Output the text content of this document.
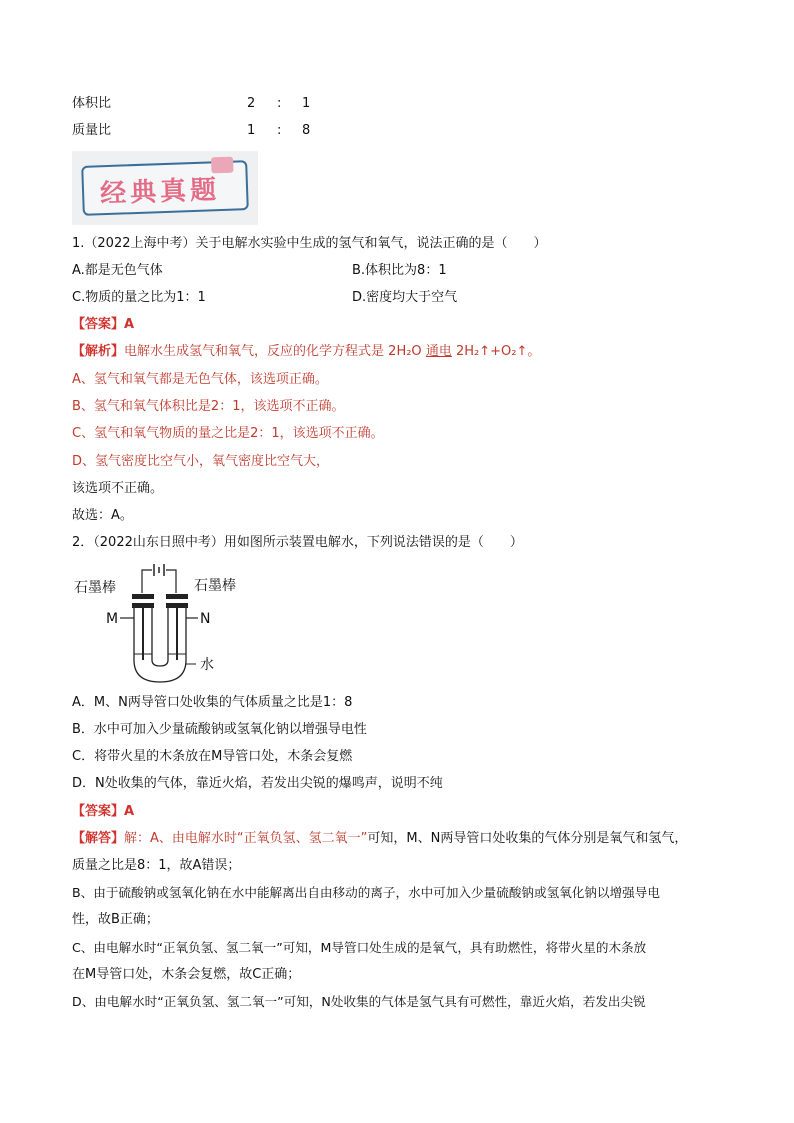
体积比	2 : 1
质量比	1 : 8
经典真题
1.（2022上海中考）关于电解水实验中生成的氢气和氧气，说法正确的是（　　）
A.都是无色气体	B.体积比为8：1
C.物质的量之比为1：1	D.密度均大于空气
【答案】A
【解析】电解水生成氢气和氧气，反应的化学方程式是 2H₂O 通电 2H₂↑+O₂↑。
A、氢气和氧气都是无色气体，该选项正确。
B、氢气和氧气体积比是2：1，该选项不正确。
C、氢气和氧气物质的量之比是2：1，该选项不正确。
D、氢气密度比空气小，氧气密度比空气大，
该选项不正确。
故选：A。
2．（2022山东日照中考）用如图所示装置电解水，下列说法错误的是（　　）
石墨棒	石墨棒
M	N
水
A．M、N两导管口处收集的气体质量之比是1：8
B．水中可加入少量硫酸钠或氢氧化钠以增强导电性
C．将带火星的木条放在M导管口处，木条会复燃
D．N处收集的气体，靠近火焰，若发出尖锐的爆鸣声，说明不纯
【答案】A
【解答】解：A、由电解水时“正氧负氢、氢二氧一”可知，M、N两导管口处收集的气体分别是氧气和氢气，
质量之比是8：1，故A错误；
B、由于硫酸钠或氢氧化钠在水中能解离出自由移动的离子，水中可加入少量硫酸钠或氢氧化钠以增强导电
性，故B正确；
C、由电解水时“正氧负氢、氢二氧一”可知，M导管口处生成的是氧气，具有助燃性，将带火星的木条放
在M导管口处，木条会复燃，故C正确；
D、由电解水时“正氧负氢、氢二氧一”可知，N处收集的气体是氢气具有可燃性，靠近火焰，若发出尖锐
